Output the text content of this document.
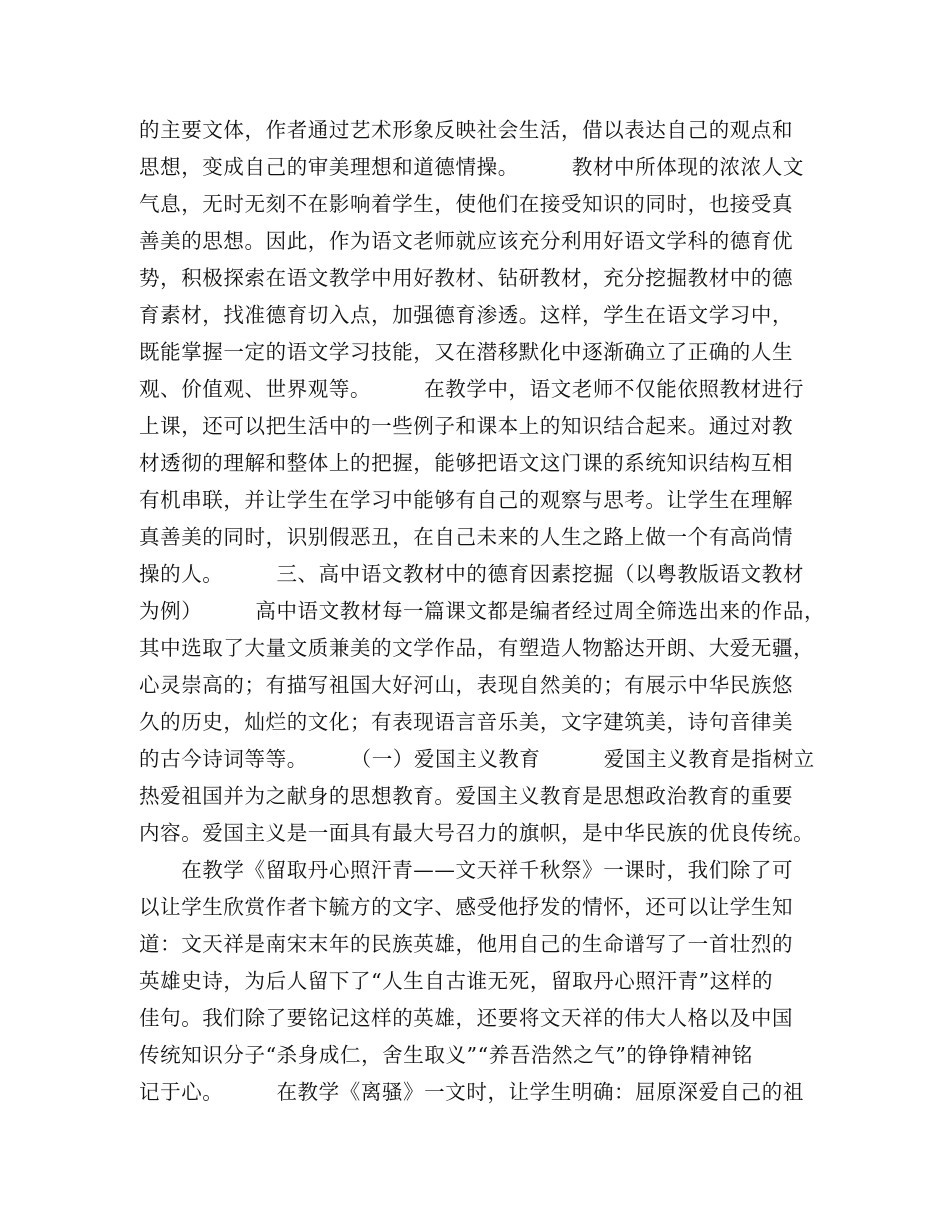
的主要文体，作者通过艺术形象反映社会生活，借以表达自己的观点和
思想，变成自己的审美理想和道德情操。　　　教材中所体现的浓浓人文
气息，无时无刻不在影响着学生，使他们在接受知识的同时，也接受真
善美的思想。因此，作为语文老师就应该充分利用好语文学科的德育优
势，积极探索在语文教学中用好教材、钻研教材，充分挖掘教材中的德
育素材，找准德育切入点，加强德育渗透。这样，学生在语文学习中，
既能掌握一定的语文学习技能，又在潜移默化中逐渐确立了正确的人生
观、价值观、世界观等。　　　在教学中，语文老师不仅能依照教材进行
上课，还可以把生活中的一些例子和课本上的知识结合起来。通过对教
材透彻的理解和整体上的把握，能够把语文这门课的系统知识结构互相
有机串联，并让学生在学习中能够有自己的观察与思考。让学生在理解
真善美的同时，识别假恶丑，在自己未来的人生之路上做一个有高尚情
操的人。　　　三、高中语文教材中的德育因素挖掘（以粤教版语文教材
为例）　　　高中语文教材每一篇课文都是编者经过周全筛选出来的作品，
其中选取了大量文质兼美的文学作品，有塑造人物豁达开朗、大爱无疆，
心灵崇高的；有描写祖国大好河山，表现自然美的；有展示中华民族悠
久的历史，灿烂的文化；有表现语言音乐美，文字建筑美，诗句音律美
的古今诗词等等。　　　（一）爱国主义教育　　　爱国主义教育是指树立
热爱祖国并为之献身的思想教育。爱国主义教育是思想政治教育的重要
内容。爱国主义是一面具有最大号召力的旗帜，是中华民族的优良传统。
　　在教学《留取丹心照汗青——文天祥千秋祭》一课时，我们除了可
以让学生欣赏作者卞毓方的文字、感受他抒发的情怀，还可以让学生知
道：文天祥是南宋末年的民族英雄，他用自己的生命谱写了一首壮烈的
英雄史诗，为后人留下了“人生自古谁无死，留取丹心照汗青”这样的
佳句。我们除了要铭记这样的英雄，还要将文天祥的伟大人格以及中国
传统知识分子“杀身成仁，舍生取义”“养吾浩然之气”的铮铮精神铭
记于心。　　　在教学《离骚》一文时，让学生明确：屈原深爱自己的祖
